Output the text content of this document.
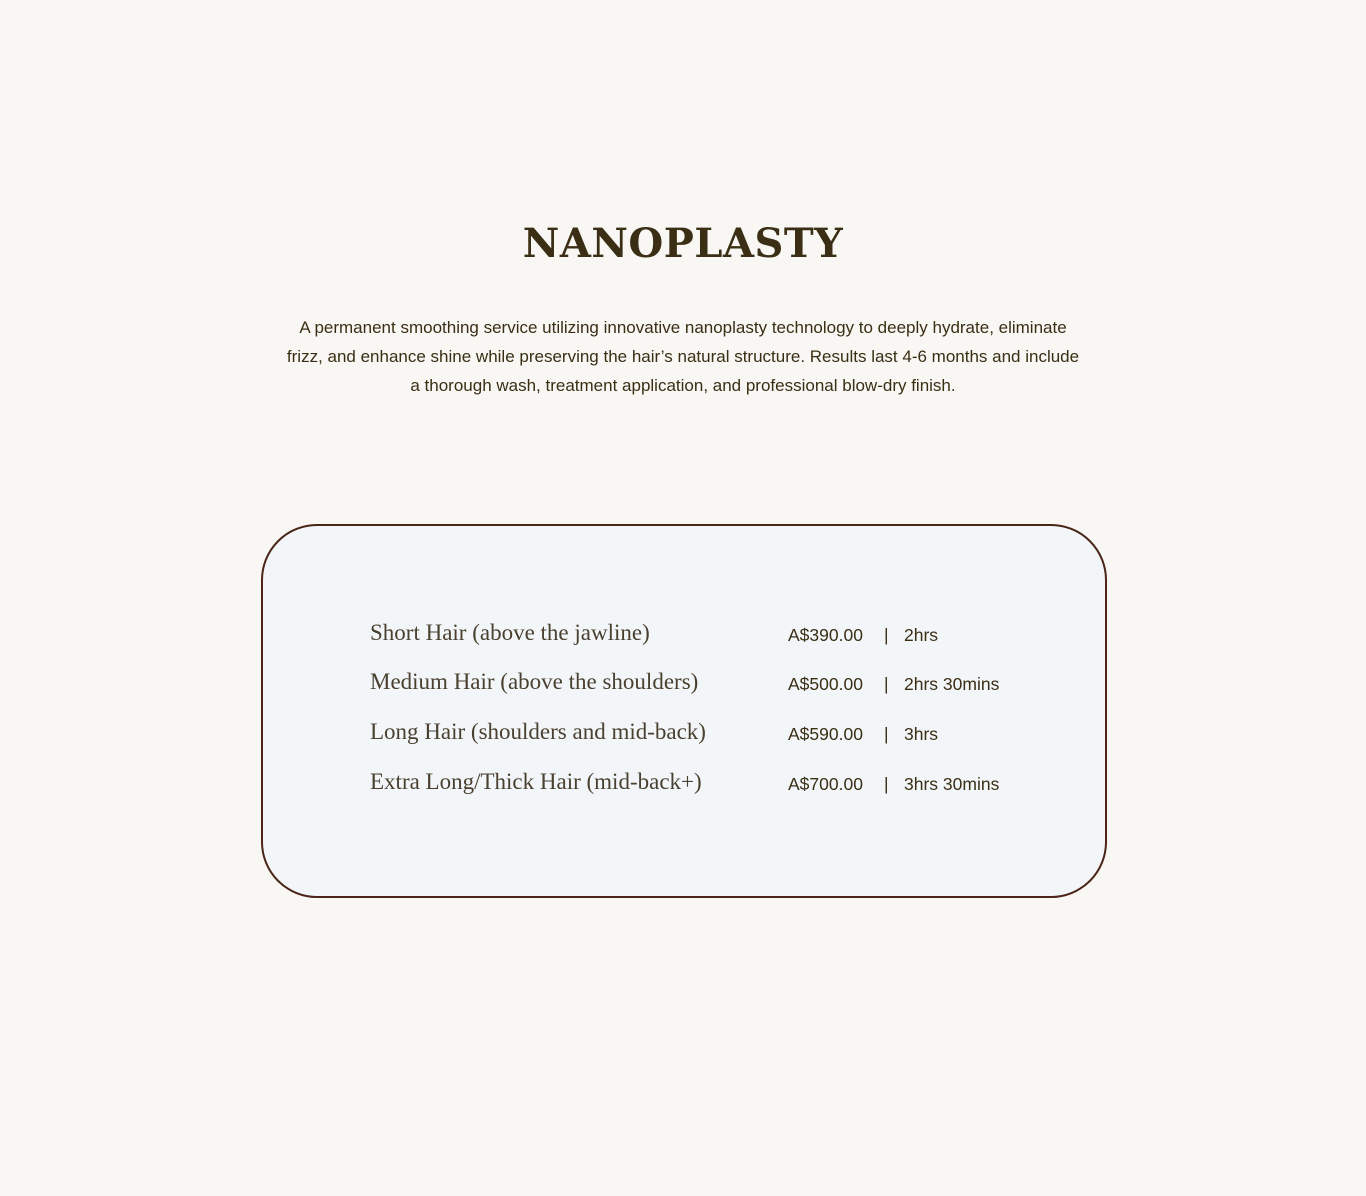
NANOPLASTY

A permanent smoothing service utilizing innovative nanoplasty technology to deeply hydrate, eliminate frizz, and enhance shine while preserving the hair’s natural structure. Results last 4-6 months and include a thorough wash, treatment application, and professional blow-dry finish.

Short Hair (above the jawline)	A$390.00 | 2hrs
Medium Hair (above the shoulders)	A$500.00 | 2hrs 30mins
Long Hair (shoulders and mid-back)	A$590.00 | 3hrs
Extra Long/Thick Hair (mid-back+)	A$700.00 | 3hrs 30mins
